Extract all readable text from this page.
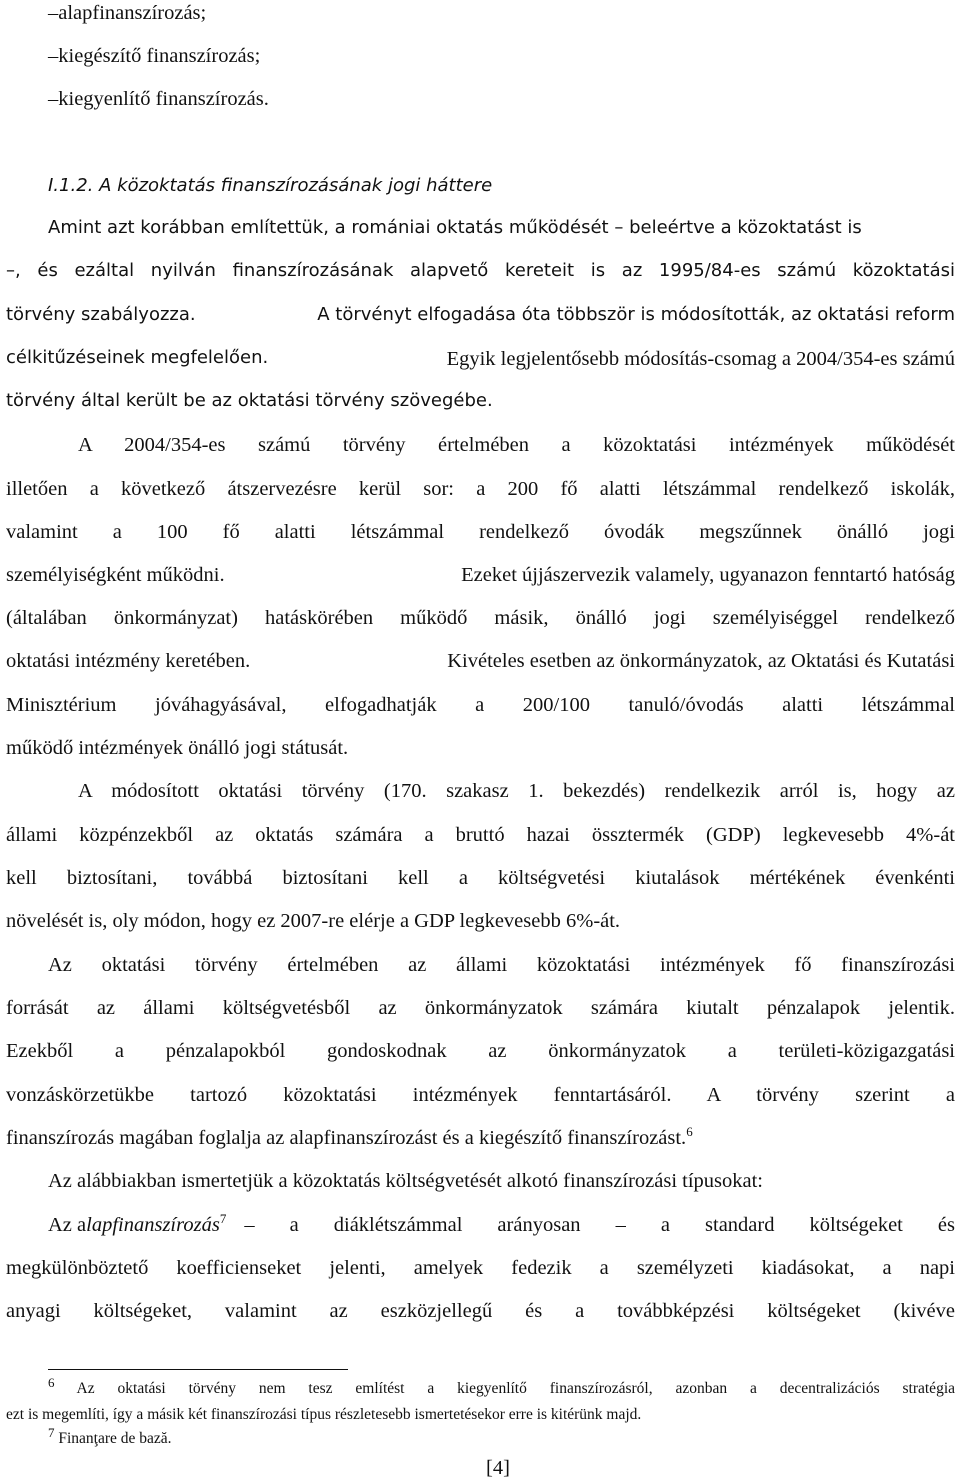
–alapfinanszírozás;
–kiegészítő finanszírozás;
–kiegyenlítő finanszírozás.
I.1.2. A közoktatás finanszírozásának jogi háttere
Amint azt korábban említettük, a romániai oktatás működését – beleértve a közoktatást is
–, és ezáltal nyilván finanszírozásának alapvető kereteit is az 1995/84-es számú közoktatási
törvény szabályozza.	A törvényt elfogadása óta többször is módosították, az oktatási reform
célkitűzéseinek megfelelően.	Egyik legjelentősebb módosítás-csomag a 2004/354-es számú
törvény által került be az oktatási törvény szövegébe.
A 2004/354-es számú törvény értelmében a közoktatási intézmények működését
illetően a következő átszervezésre kerül sor: a 200 fő alatti létszámmal rendelkező iskolák,
valamint a 100 fő alatti létszámmal rendelkező óvodák megszűnnek önálló jogi
személyiségként működni.	Ezeket újjászervezik valamely, ugyanazon fenntartó hatóság
(általában önkormányzat) hatáskörében működő másik, önálló jogi személyiséggel rendelkező
oktatási intézmény keretében.	Kivételes esetben az önkormányzatok, az Oktatási és Kutatási
Minisztérium jóváhagyásával, elfogadhatják a 200/100 tanuló/óvodás alatti létszámmal
működő intézmények önálló jogi státusát.
A módosított oktatási törvény (170. szakasz 1. bekezdés) rendelkezik arról is, hogy az
állami közpénzekből az oktatás számára a bruttó hazai össztermék (GDP) legkevesebb 4%-át
kell biztosítani, továbbá biztosítani kell a költségvetési kiutalások mértékének évenkénti
növelését is, oly módon, hogy ez 2007-re elérje a GDP legkevesebb 6%-át.
Az oktatási törvény értelmében az állami közoktatási intézmények fő finanszírozási
forrását az állami költségvetésből az önkormányzatok számára kiutalt pénzalapok jelentik.
Ezekből a pénzalapokból gondoskodnak az önkormányzatok a területi-közigazgatási
vonzáskörzetükbe tartozó közoktatási intézmények fenntartásáról. A törvény szerint a
finanszírozás magában foglalja az alapfinanszírozást és a kiegészítő finanszírozást.$^6$
Az alábbiakban ismertetjük a közoktatás költségvetését alkotó finanszírozási típusokat:
Az alapfinanszírozás$^7$ – a diáklétszámmal arányosan – a standard költségeket és
megkülönböztető koefficienseket jelenti, amelyek fedezik a személyzeti kiadásokat, a napi
anyagi költségeket, valamint az eszközjellegű és a továbbképzési költségeket (kivéve
$^6$ Az oktatási törvény nem tesz említést a kiegyenlítő finanszírozásról, azonban a decentralizációs stratégia
ezt is megemlíti, így a másik két finanszírozási típus részletesebb ismertetésekor erre is kitérünk majd.
$^7$ Finanţare de bază.
[4]
